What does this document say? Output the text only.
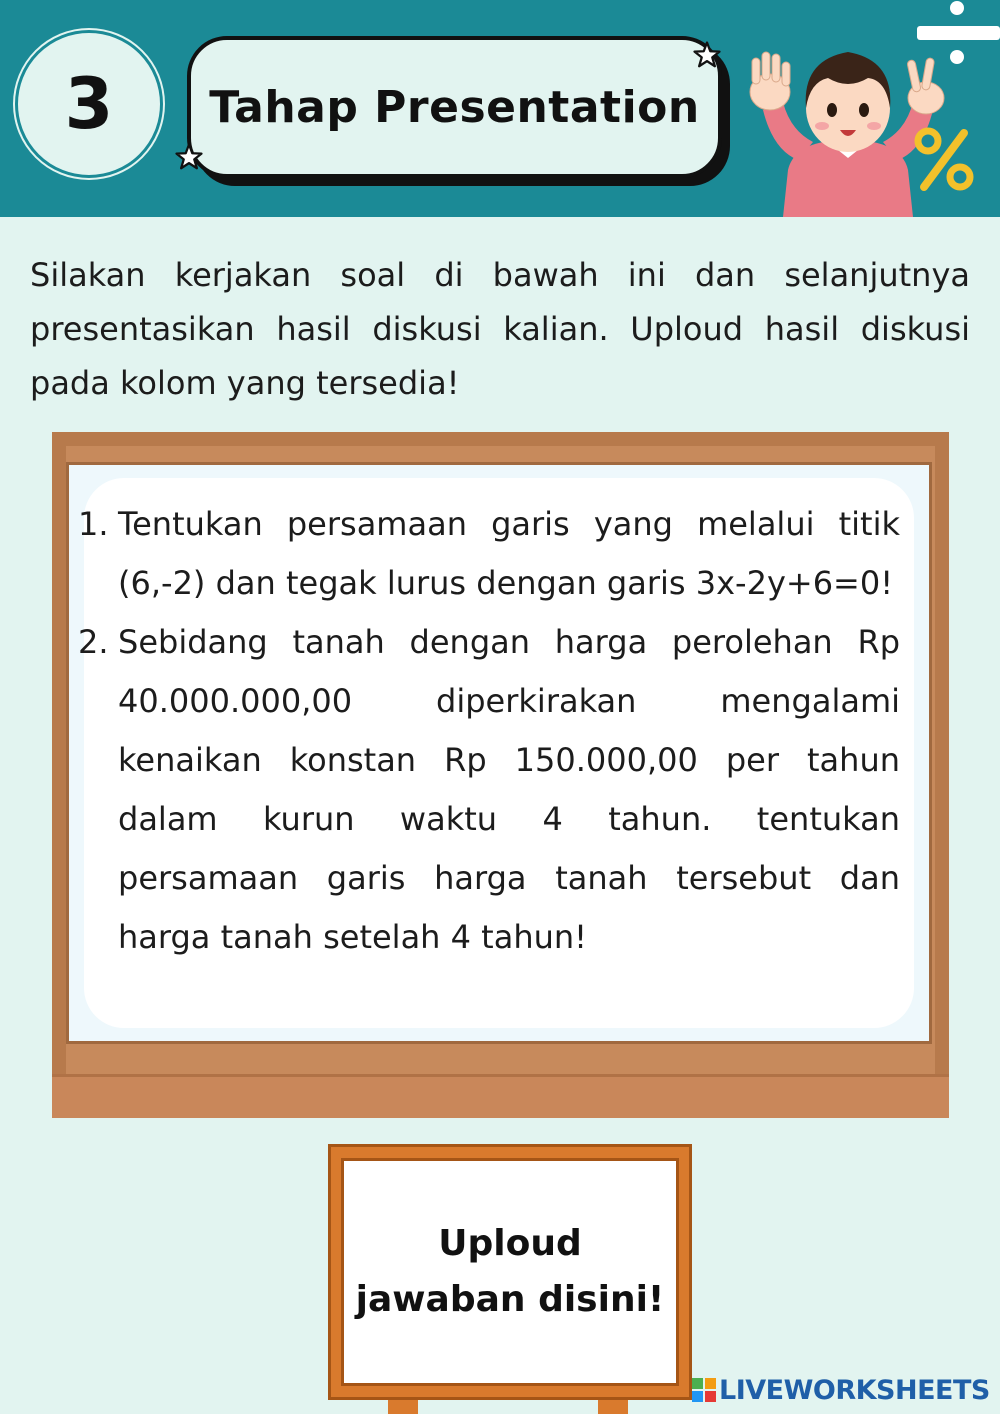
3 Tahap Presentation

Silakan kerjakan soal di bawah ini dan selanjutnya presentasikan hasil diskusi kalian. Uploud hasil diskusi pada kolom yang tersedia!

1. Tentukan persamaan garis yang melalui titik (6,-2) dan tegak lurus dengan garis 3x-2y+6=0!
2. Sebidang tanah dengan harga perolehan Rp 40.000.000,00 diperkirakan mengalami kenaikan konstan Rp 150.000,00 per tahun dalam kurun waktu 4 tahun. tentukan persamaan garis harga tanah tersebut dan harga tanah setelah 4 tahun!
Uploud
jawaban disini!
LIVEWORKSHEETS
